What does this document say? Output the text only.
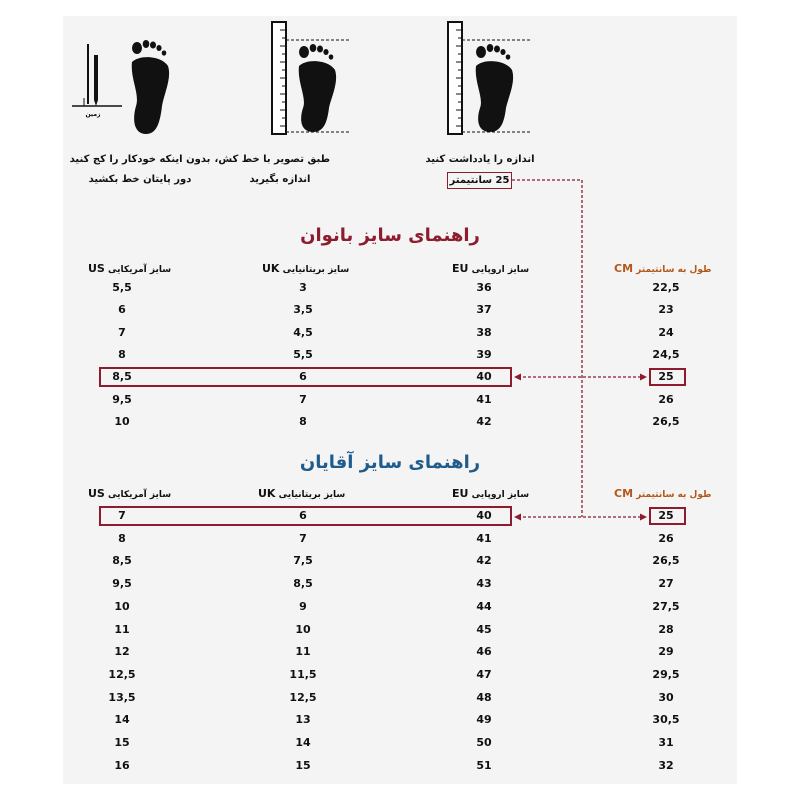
زمین
بدون اینکه خودکار را کج کنید
دور پایتان خط بکشید
طبق تصویر با خط کش،
اندازه بگیرید
اندازه را یادداشت کنید
25 سانتیمتر
راهنمای سایز بانوان
سایز آمریکایی US	سایز بریتانیایی UK	سایز اروپایی EU	طول به سانتیمتر CM
5,5	3	36	22,5
6	3,5	37	23
7	4,5	38	24
8	5,5	39	24,5
8,5	6	40	25
9,5	7	41	26
10	8	42	26,5
راهنمای سایز آقایان
سایز آمریکایی US	سایز بریتانیایی UK	سایز اروپایی EU	طول به سانتیمتر CM
7	6	40	25
8	7	41	26
8,5	7,5	42	26,5
9,5	8,5	43	27
10	9	44	27,5
11	10	45	28
12	11	46	29
12,5	11,5	47	29,5
13,5	12,5	48	30
14	13	49	30,5
15	14	50	31
16	15	51	32
